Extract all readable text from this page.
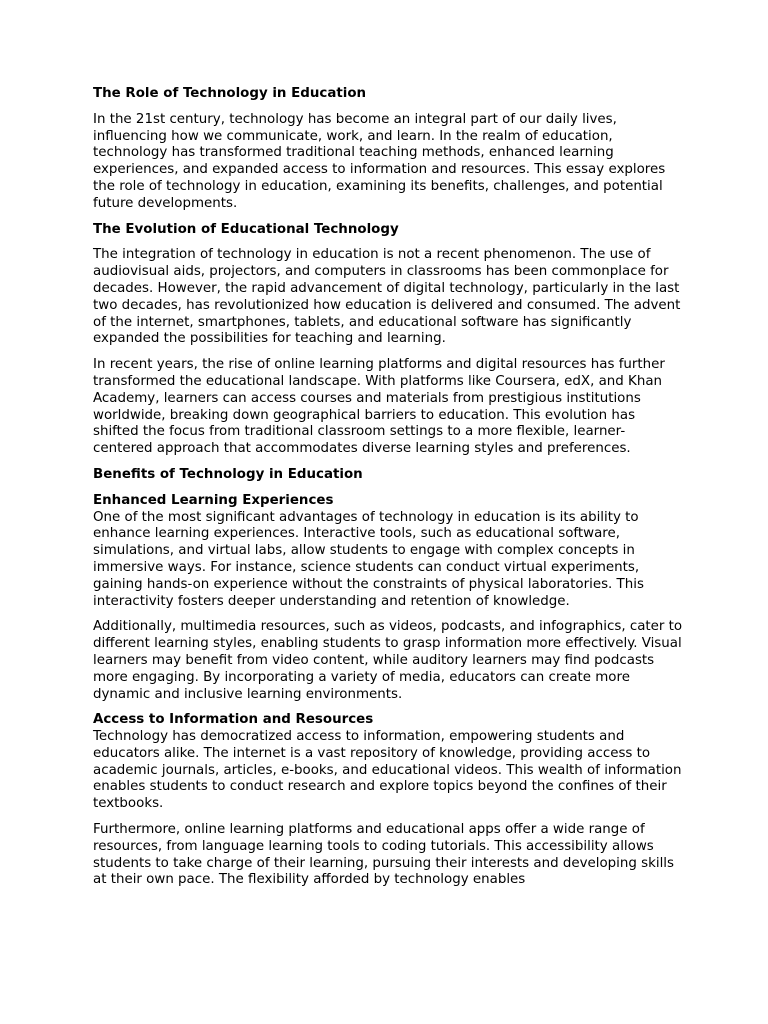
The Role of Technology in Education
In the 21st century, technology has become an integral part of our daily lives, influencing how we communicate, work, and learn. In the realm of education, technology has transformed traditional teaching methods, enhanced learning experiences, and expanded access to information and resources. This essay explores the role of technology in education, examining its benefits, challenges, and potential future developments.
The Evolution of Educational Technology
The integration of technology in education is not a recent phenomenon. The use of audiovisual aids, projectors, and computers in classrooms has been commonplace for decades. However, the rapid advancement of digital technology, particularly in the last two decades, has revolutionized how education is delivered and consumed. The advent of the internet, smartphones, tablets, and educational software has significantly expanded the possibilities for teaching and learning.
In recent years, the rise of online learning platforms and digital resources has further transformed the educational landscape. With platforms like Coursera, edX, and Khan Academy, learners can access courses and materials from prestigious institutions worldwide, breaking down geographical barriers to education. This evolution has shifted the focus from traditional classroom settings to a more flexible, learner-centered approach that accommodates diverse learning styles and preferences.
Benefits of Technology in Education
Enhanced Learning Experiences
One of the most significant advantages of technology in education is its ability to enhance learning experiences. Interactive tools, such as educational software, simulations, and virtual labs, allow students to engage with complex concepts in immersive ways. For instance, science students can conduct virtual experiments, gaining hands-on experience without the constraints of physical laboratories. This interactivity fosters deeper understanding and retention of knowledge.
Additionally, multimedia resources, such as videos, podcasts, and infographics, cater to different learning styles, enabling students to grasp information more effectively. Visual learners may benefit from video content, while auditory learners may find podcasts more engaging. By incorporating a variety of media, educators can create more dynamic and inclusive learning environments.
Access to Information and Resources
Technology has democratized access to information, empowering students and educators alike. The internet is a vast repository of knowledge, providing access to academic journals, articles, e-books, and educational videos. This wealth of information enables students to conduct research and explore topics beyond the confines of their textbooks.
Furthermore, online learning platforms and educational apps offer a wide range of resources, from language learning tools to coding tutorials. This accessibility allows students to take charge of their learning, pursuing their interests and developing skills at their own pace. The flexibility afforded by technology enables
